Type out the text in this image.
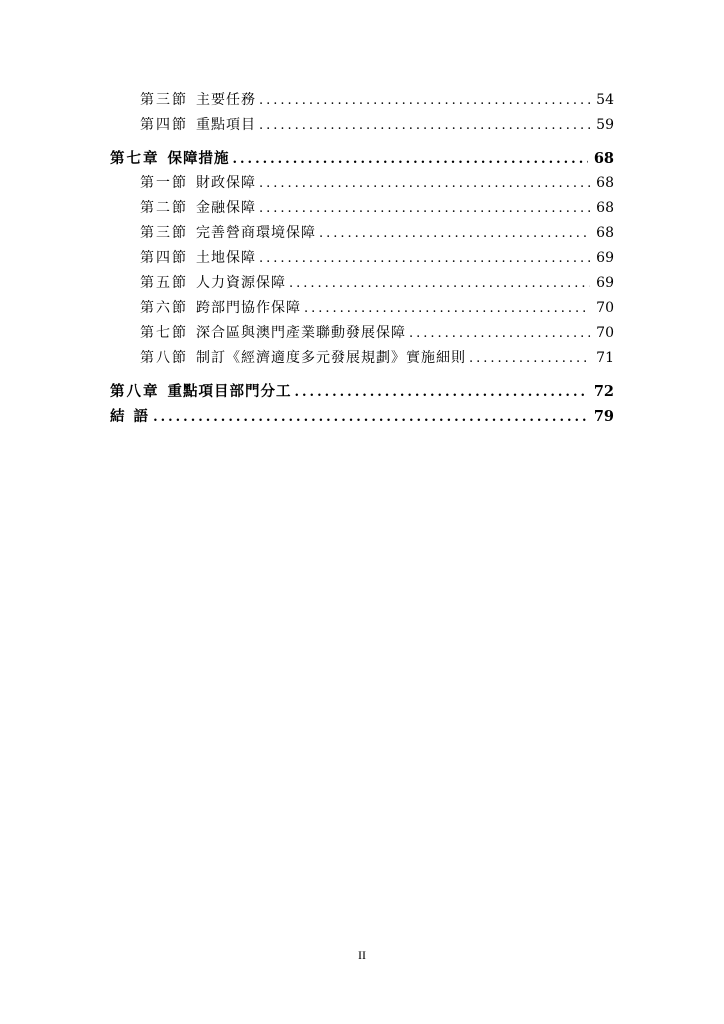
第三節 主要任務 .....	54
第四節 重點項目 .....	59
第七章 保障措施 .....	68
第一節 財政保障 .....	68
第二節 金融保障 .....	68
第三節 完善營商環境保障 .....	68
第四節 土地保障 .....	69
第五節 人力資源保障 .....	69
第六節 跨部門協作保障 .....	70
第七節 深合區與澳門產業聯動發展保障 .....	70
第八節 制訂《經濟適度多元發展規劃》實施細則 .....	71
第八章 重點項目部門分工 .....	72
結 語 .....	79
II
